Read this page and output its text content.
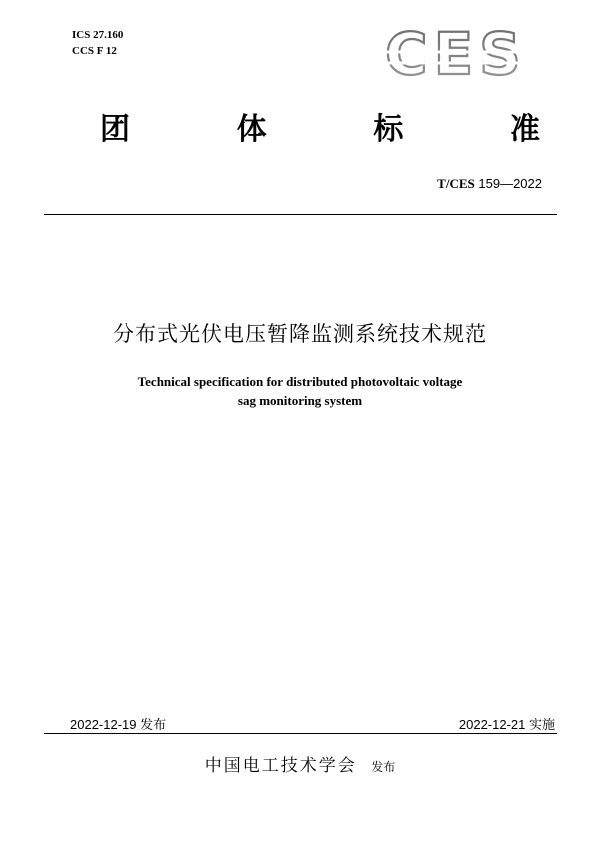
ICS 27.160
CCS F 12	CES
团	体	标	准
T/CES 159—2022
分布式光伏电压暂降监测系统技术规范
Technical specification for distributed photovoltaic voltage
sag monitoring system
2022-12-19 发布	2022-12-21 实施
中国电工技术学会 发布
